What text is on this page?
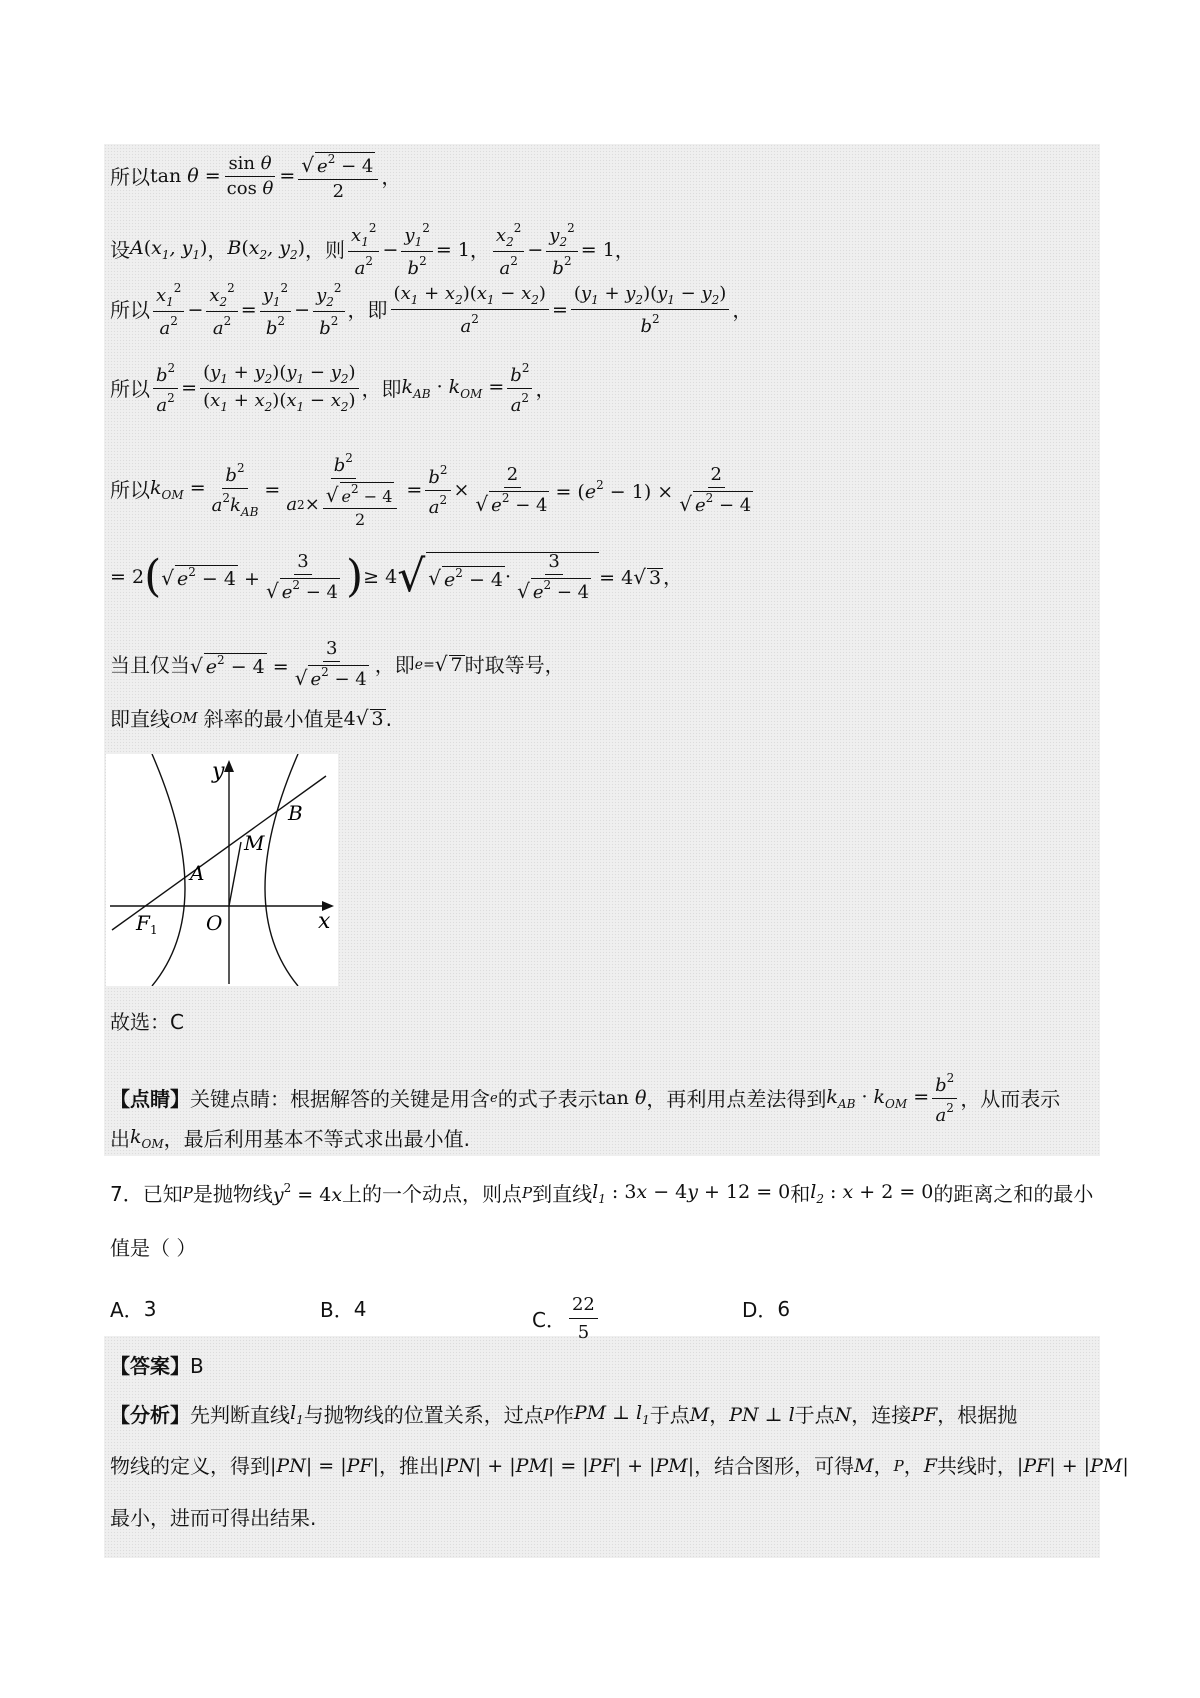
所以 $\tan \theta = \frac{\text{sin θ}}{\text{cos θ}} = \frac{√ e^2 - 4}{2}$ ，
设 $A(x_1$, $y_1$) ， $B(x_2$, $y_2$) ，则 $\frac{x_1^2}{a^2} - \frac{y_1^2}{b^2} = 1$ ， $\frac{x_2^2}{a^2} - \frac{y_2^2}{b^2} = 1$ ，
所以 $\frac{x_1^2}{a^2} - \frac{x_2^2}{a^2} = \frac{y_1^2}{b^2} - \frac{y_2^2}{b^2}$ ，即 $\frac{(x_1 + x_2)(x_1 - x_2)}{a^2} = \frac{(y_1 + y_2)(y_1 - y_2)}{b^2}$ ，
所以 $\frac{b^2}{a^2} = \frac{(y_1 + y_2)(y_1 - y_2)}{(x_1 + x_2)(x_1 - x_2)}$ ，即 $k_{AB} \cdot k_{OM} = \frac{b^2}{a^2}$ ，
所以 $k_{OM} = \frac{b^2}{a^2k_{AB}} = \frac{b^2}{a 2 \times \frac{√ e^2 - 4}{2}} = \frac{b^2}{a^2} \times \frac{2}{√ e^2 - 4} = (e^2 - 1) \times \frac{2}{√ e^2 - 4}$
= 2 ( √ $e^2 - 4 + \frac{3}{√ e^2 - 4}$ ) ≥ 4 √ √ $e^2 - 4 \cdot \frac{3}{√ e^2 - 4} = 4√$ 3 ，
当且仅当 √ $e^2 - 4 = \frac{3}{√ e^2 - 4}$ ，即 e = √ 7 时取等号，
即直线 OM 斜率的最小值是 4√ 3 .
y
x
B
M
A
F 1 O
故选：C
【点睛】 关键点睛：根据解答的关键是用含 e 的式子表示 tan θ ，再利用点差法得到 $k_{AB} \cdot k_{OM} = \frac{b^2}{a^2}$ ，从而表示
出 $k_{OM}$ ，最后利用基本不等式求出最小值.
7． 已知 P 是抛物线 $y^2 = 4x$ 上的一个动点，则点 P 到直线 $l_1$ : 3x − 4y + 12 = 0 和 $l_2$ : x + 2 = 0 的距离之和的最小
值是（ ）
A． 3	B． 4	C． $\frac{22}{5}$	D． 6
【答案】 B
【分析】 先判断直线 $l_1$ 与抛物线的位置关系，过点 P 作 PM ⊥ $l_1$ 于点 M ， PN ⊥ l 于点 N ，连接 PF ，根据抛
物线的定义，得到 |PN| = |PF| ，推出 |PN| + |PM| = |PF| + |PM| ，结合图形，可得 M ， P ， F 共线时， |PF| + |PM|
最小，进而可得出结果.
